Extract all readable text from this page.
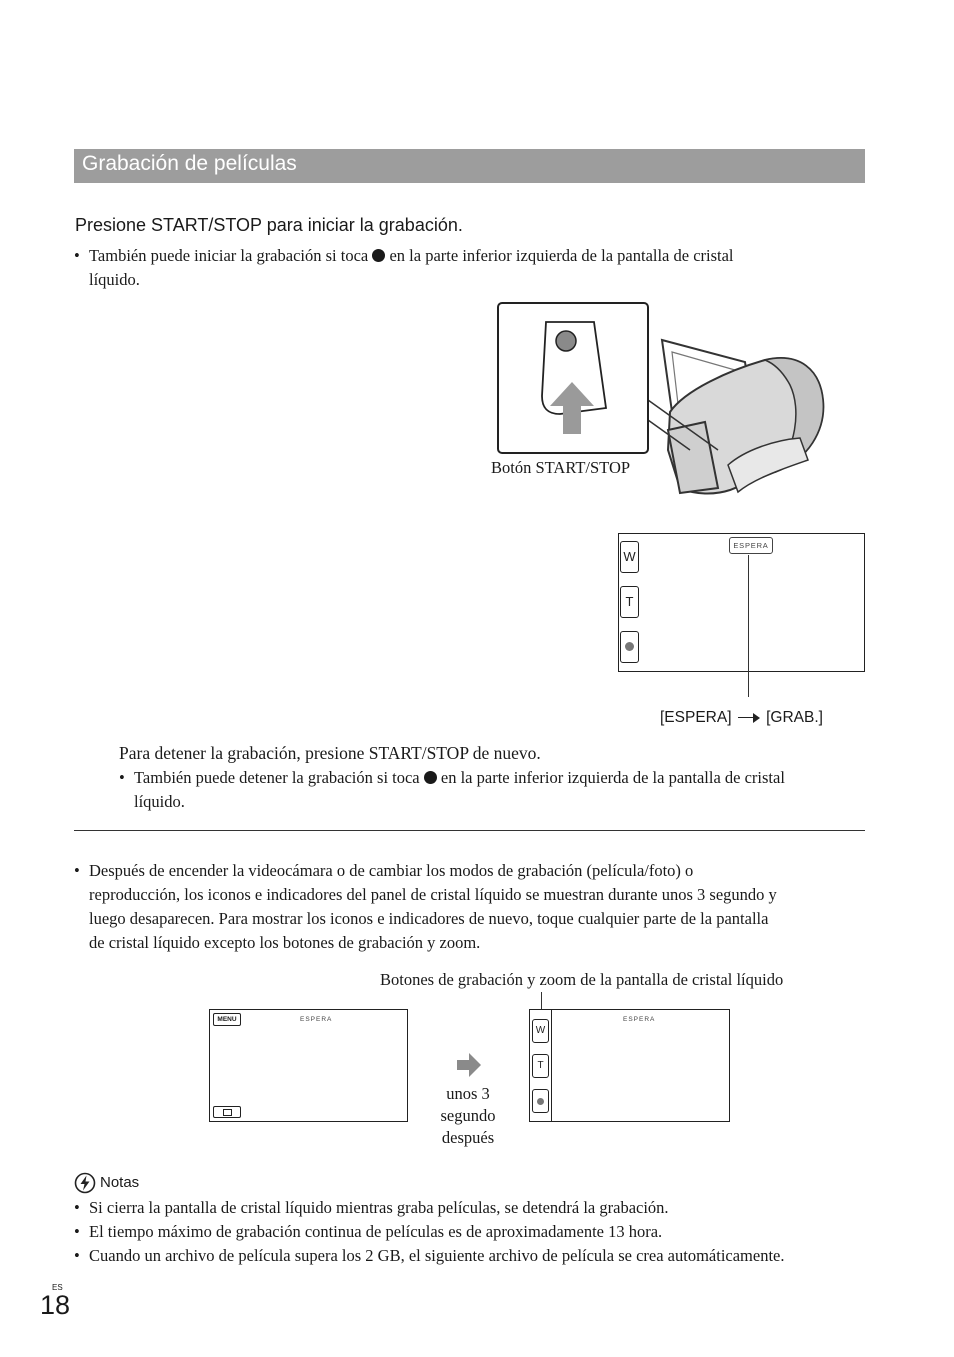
Grabación de películas
Presione START/STOP para iniciar la grabación.
• También puede iniciar la grabación si toca en la parte inferior izquierda de la pantalla de cristal
líquido.
Botón START/STOP
W
T
ESPERA
[ESPERA] [GRAB.]
Para detener la grabación, presione START/STOP de nuevo.
• También puede detener la grabación si toca en la parte inferior izquierda de la pantalla de cristal
líquido.
• Después de encender la videocámara o de cambiar los modos de grabación (película/foto) o
reproducción, los iconos e indicadores del panel de cristal líquido se muestran durante unos 3 segundo y
luego desaparecen. Para mostrar los iconos e indicadores de nuevo, toque cualquier parte de la pantalla
de cristal líquido excepto los botones de grabación y zoom.
Botones de grabación y zoom de la pantalla de cristal líquido
MENU	ESPERA
unos 3
segundo
después
W
T
ESPERA
Notas
• Si cierra la pantalla de cristal líquido mientras graba películas, se detendrá la grabación.
• El tiempo máximo de grabación continua de películas es de aproximadamente 13 hora.
• Cuando un archivo de película supera los 2 GB, el siguiente archivo de película se crea automáticamente.
ES
18
